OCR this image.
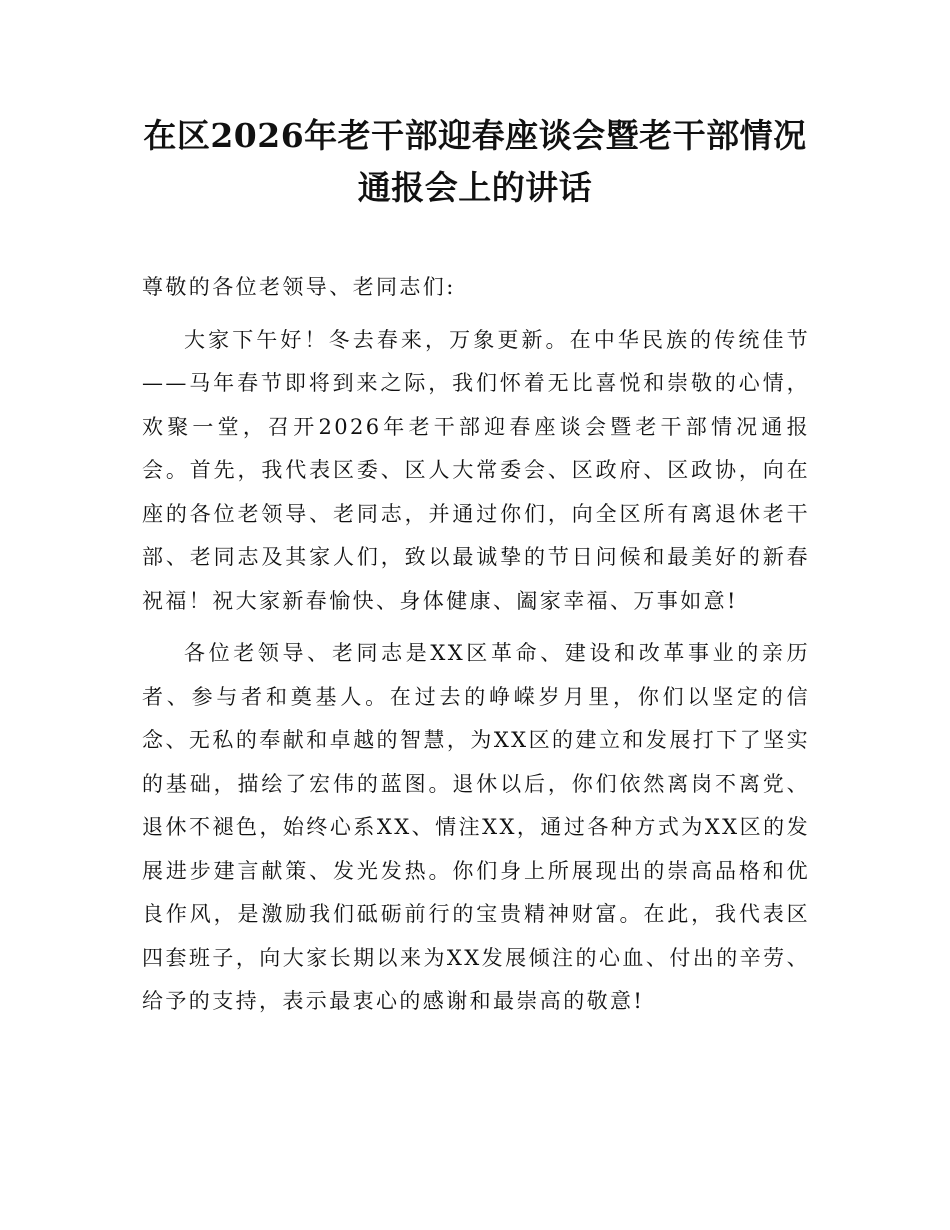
在区2026年老干部迎春座谈会暨老干部情况
通报会上的讲话

尊敬的各位老领导、老同志们:

大家下午好！冬去春来，万象更新。在中华民族的传统佳节——马年春节即将到来之际，我们怀着无比喜悦和崇敬的心情，欢聚一堂，召开2026年老干部迎春座谈会暨老干部情况通报会。首先，我代表区委、区人大常委会、区政府、区政协，向在座的各位老领导、老同志，并通过你们，向全区所有离退休老干部、老同志及其家人们，致以最诚挚的节日问候和最美好的新春祝福！祝大家新春愉快、身体健康、阖家幸福、万事如意!

各位老领导、老同志是XX区革命、建设和改革事业的亲历者、参与者和奠基人。在过去的峥嵘岁月里，你们以坚定的信念、无私的奉献和卓越的智慧，为XX区的建立和发展打下了坚实的基础，描绘了宏伟的蓝图。退休以后，你们依然离岗不离党、退休不褪色，始终心系XX、情注XX，通过各种方式为XX区的发展进步建言献策、发光发热。你们身上所展现出的崇高品格和优良作风，是激励我们砥砺前行的宝贵精神财富。在此，我代表区四套班子，向大家长期以来为XX发展倾注的心血、付出的辛劳、给予的支持，表示最衷心的感谢和最崇高的敬意!
